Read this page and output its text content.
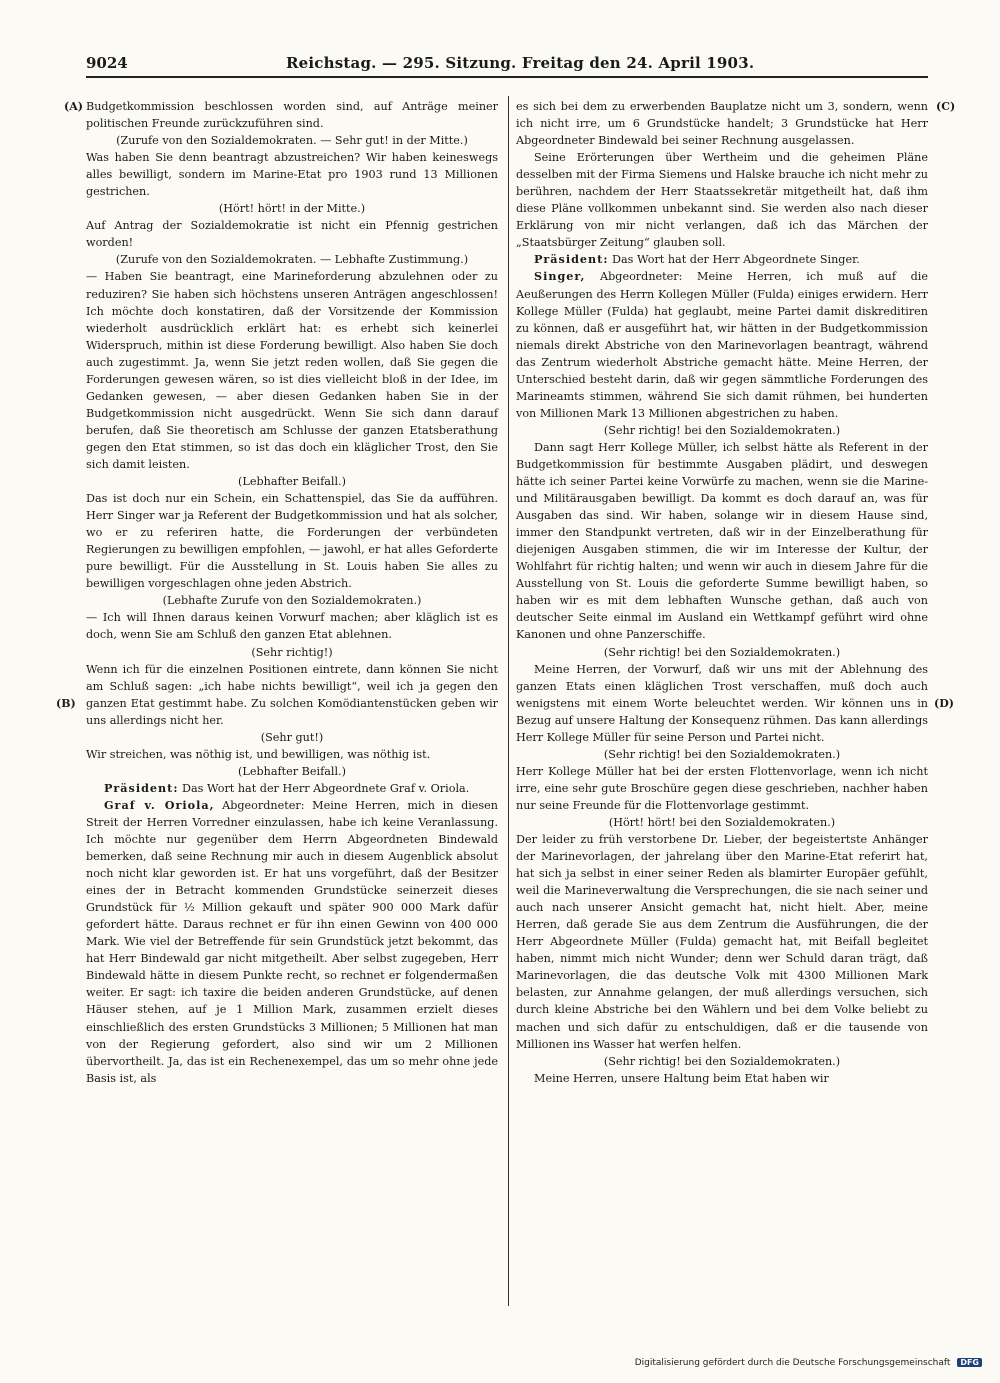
9024	Reichstag. — 295. Sitzung. Freitag den 24. April 1903.
(A)
(B)
(C)
(D)

Budgetkommission beschlossen worden sind, auf Anträge meiner politischen Freunde zurückzuführen sind.

(Zurufe von den Sozialdemokraten. — Sehr gut! in der Mitte.)

Was haben Sie denn beantragt abzustreichen? Wir haben keineswegs alles bewilligt, sondern im Marine-Etat pro 1903 rund 13 Millionen gestrichen.

(Hört! hört! in der Mitte.)

Auf Antrag der Sozialdemokratie ist nicht ein Pfennig gestrichen worden!

(Zurufe von den Sozialdemokraten. — Lebhafte Zustimmung.)

— Haben Sie beantragt, eine Marineforderung abzulehnen oder zu reduziren? Sie haben sich höchstens unseren Anträgen angeschlossen! Ich möchte doch konstatiren, daß der Vorsitzende der Kommission wiederholt ausdrücklich erklärt hat: es erhebt sich keinerlei Widerspruch, mithin ist diese Forderung bewilligt. Also haben Sie doch auch zugestimmt. Ja, wenn Sie jetzt reden wollen, daß Sie gegen die Forderungen gewesen wären, so ist dies vielleicht bloß in der Idee, im Gedanken gewesen, — aber diesen Gedanken haben Sie in der Budgetkommission nicht ausgedrückt. Wenn Sie sich dann darauf berufen, daß Sie theoretisch am Schlusse der ganzen Etatsberathung gegen den Etat stimmen, so ist das doch ein kläglicher Trost, den Sie sich damit leisten.

(Lebhafter Beifall.)

Das ist doch nur ein Schein, ein Schattenspiel, das Sie da aufführen. Herr Singer war ja Referent der Budgetkommission und hat als solcher, wo er zu referiren hatte, die Forderungen der verbündeten Regierungen zu bewilligen empfohlen, — jawohl, er hat alles Geforderte pure bewilligt. Für die Ausstellung in St. Louis haben Sie alles zu bewilligen vorgeschlagen ohne jeden Abstrich.

(Lebhafte Zurufe von den Sozialdemokraten.)

— Ich will Ihnen daraus keinen Vorwurf machen; aber kläglich ist es doch, wenn Sie am Schluß den ganzen Etat ablehnen.

(Sehr richtig!)

Wenn ich für die einzelnen Positionen eintrete, dann können Sie nicht am Schluß sagen: „ich habe nichts bewilligt“, weil ich ja gegen den ganzen Etat gestimmt habe. Zu solchen Komödiantenstücken geben wir uns allerdings nicht her.

(Sehr gut!)

Wir streichen, was nöthig ist, und bewilligen, was nöthig ist.

(Lebhafter Beifall.)

Präsident: Das Wort hat der Herr Abgeordnete Graf v. Oriola.

Graf v. Oriola, Abgeordneter: Meine Herren, mich in diesen Streit der Herren Vorredner einzulassen, habe ich keine Veranlassung. Ich möchte nur gegenüber dem Herrn Abgeordneten Bindewald bemerken, daß seine Rechnung mir auch in diesem Augenblick absolut noch nicht klar geworden ist. Er hat uns vorgeführt, daß der Besitzer eines der in Betracht kommenden Grundstücke seinerzeit dieses Grundstück für ½ Million gekauft und später 900 000 Mark dafür gefordert hätte. Daraus rechnet er für ihn einen Gewinn von 400 000 Mark. Wie viel der Betreffende für sein Grundstück jetzt bekommt, das hat Herr Bindewald gar nicht mitgetheilt. Aber selbst zugegeben, Herr Bindewald hätte in diesem Punkte recht, so rechnet er folgendermaßen weiter. Er sagt: ich taxire die beiden anderen Grundstücke, auf denen Häuser stehen, auf je 1 Million Mark, zusammen erzielt dieses einschließlich des ersten Grundstücks 3 Millionen; 5 Millionen hat man von der Regierung gefordert, also sind wir um 2 Millionen übervortheilt. Ja, das ist ein Rechenexempel, das um so mehr ohne jede Basis ist, als

es sich bei dem zu erwerbenden Bauplatze nicht um 3, sondern, wenn ich nicht irre, um 6 Grundstücke handelt; 3 Grundstücke hat Herr Abgeordneter Bindewald bei seiner Rechnung ausgelassen.

Seine Erörterungen über Wertheim und die geheimen Pläne desselben mit der Firma Siemens und Halske brauche ich nicht mehr zu berühren, nachdem der Herr Staatssekretär mitgetheilt hat, daß ihm diese Pläne vollkommen unbekannt sind. Sie werden also nach dieser Erklärung von mir nicht verlangen, daß ich das Märchen der „Staatsbürger Zeitung“ glauben soll.

Präsident: Das Wort hat der Herr Abgeordnete Singer.

Singer, Abgeordneter: Meine Herren, ich muß auf die Aeußerungen des Herrn Kollegen Müller (Fulda) einiges erwidern. Herr Kollege Müller (Fulda) hat geglaubt, meine Partei damit diskreditiren zu können, daß er ausgeführt hat, wir hätten in der Budgetkommission niemals direkt Abstriche von den Marinevorlagen beantragt, während das Zentrum wiederholt Abstriche gemacht hätte. Meine Herren, der Unterschied besteht darin, daß wir gegen sämmtliche Forderungen des Marineamts stimmen, während Sie sich damit rühmen, bei hunderten von Millionen Mark 13 Millionen abgestrichen zu haben.

(Sehr richtig! bei den Sozialdemokraten.)

Dann sagt Herr Kollege Müller, ich selbst hätte als Referent in der Budgetkommission für bestimmte Ausgaben plädirt, und deswegen hätte ich seiner Partei keine Vorwürfe zu machen, wenn sie die Marine- und Militärausgaben bewilligt. Da kommt es doch darauf an, was für Ausgaben das sind. Wir haben, solange wir in diesem Hause sind, immer den Standpunkt vertreten, daß wir in der Einzelberathung für diejenigen Ausgaben stimmen, die wir im Interesse der Kultur, der Wohlfahrt für richtig halten; und wenn wir auch in diesem Jahre für die Ausstellung von St. Louis die geforderte Summe bewilligt haben, so haben wir es mit dem lebhaften Wunsche gethan, daß auch von deutscher Seite einmal im Ausland ein Wettkampf geführt wird ohne Kanonen und ohne Panzerschiffe.

(Sehr richtig! bei den Sozialdemokraten.)

Meine Herren, der Vorwurf, daß wir uns mit der Ablehnung des ganzen Etats einen kläglichen Trost verschaffen, muß doch auch wenigstens mit einem Worte beleuchtet werden. Wir können uns in Bezug auf unsere Haltung der Konsequenz rühmen. Das kann allerdings Herr Kollege Müller für seine Person und Partei nicht.

(Sehr richtig! bei den Sozialdemokraten.)

Herr Kollege Müller hat bei der ersten Flottenvorlage, wenn ich nicht irre, eine sehr gute Broschüre gegen diese geschrieben, nachher haben nur seine Freunde für die Flottenvorlage gestimmt.

(Hört! hört! bei den Sozialdemokraten.)

Der leider zu früh verstorbene Dr. Lieber, der begeistertste Anhänger der Marinevorlagen, der jahrelang über den Marine-Etat referirt hat, hat sich ja selbst in einer seiner Reden als blamirter Europäer gefühlt, weil die Marineverwaltung die Versprechungen, die sie nach seiner und auch nach unserer Ansicht gemacht hat, nicht hielt. Aber, meine Herren, daß gerade Sie aus dem Zentrum die Ausführungen, die der Herr Abgeordnete Müller (Fulda) gemacht hat, mit Beifall begleitet haben, nimmt mich nicht Wunder; denn wer Schuld daran trägt, daß Marinevorlagen, die das deutsche Volk mit 4300 Millionen Mark belasten, zur Annahme gelangen, der muß allerdings versuchen, sich durch kleine Abstriche bei den Wählern und bei dem Volke beliebt zu machen und sich dafür zu entschuldigen, daß er die tausende von Millionen ins Wasser hat werfen helfen.

(Sehr richtig! bei den Sozialdemokraten.)

Meine Herren, unsere Haltung beim Etat haben wir

Digitalisierung gefördert durch die Deutsche Forschungsgemeinschaft DFG
